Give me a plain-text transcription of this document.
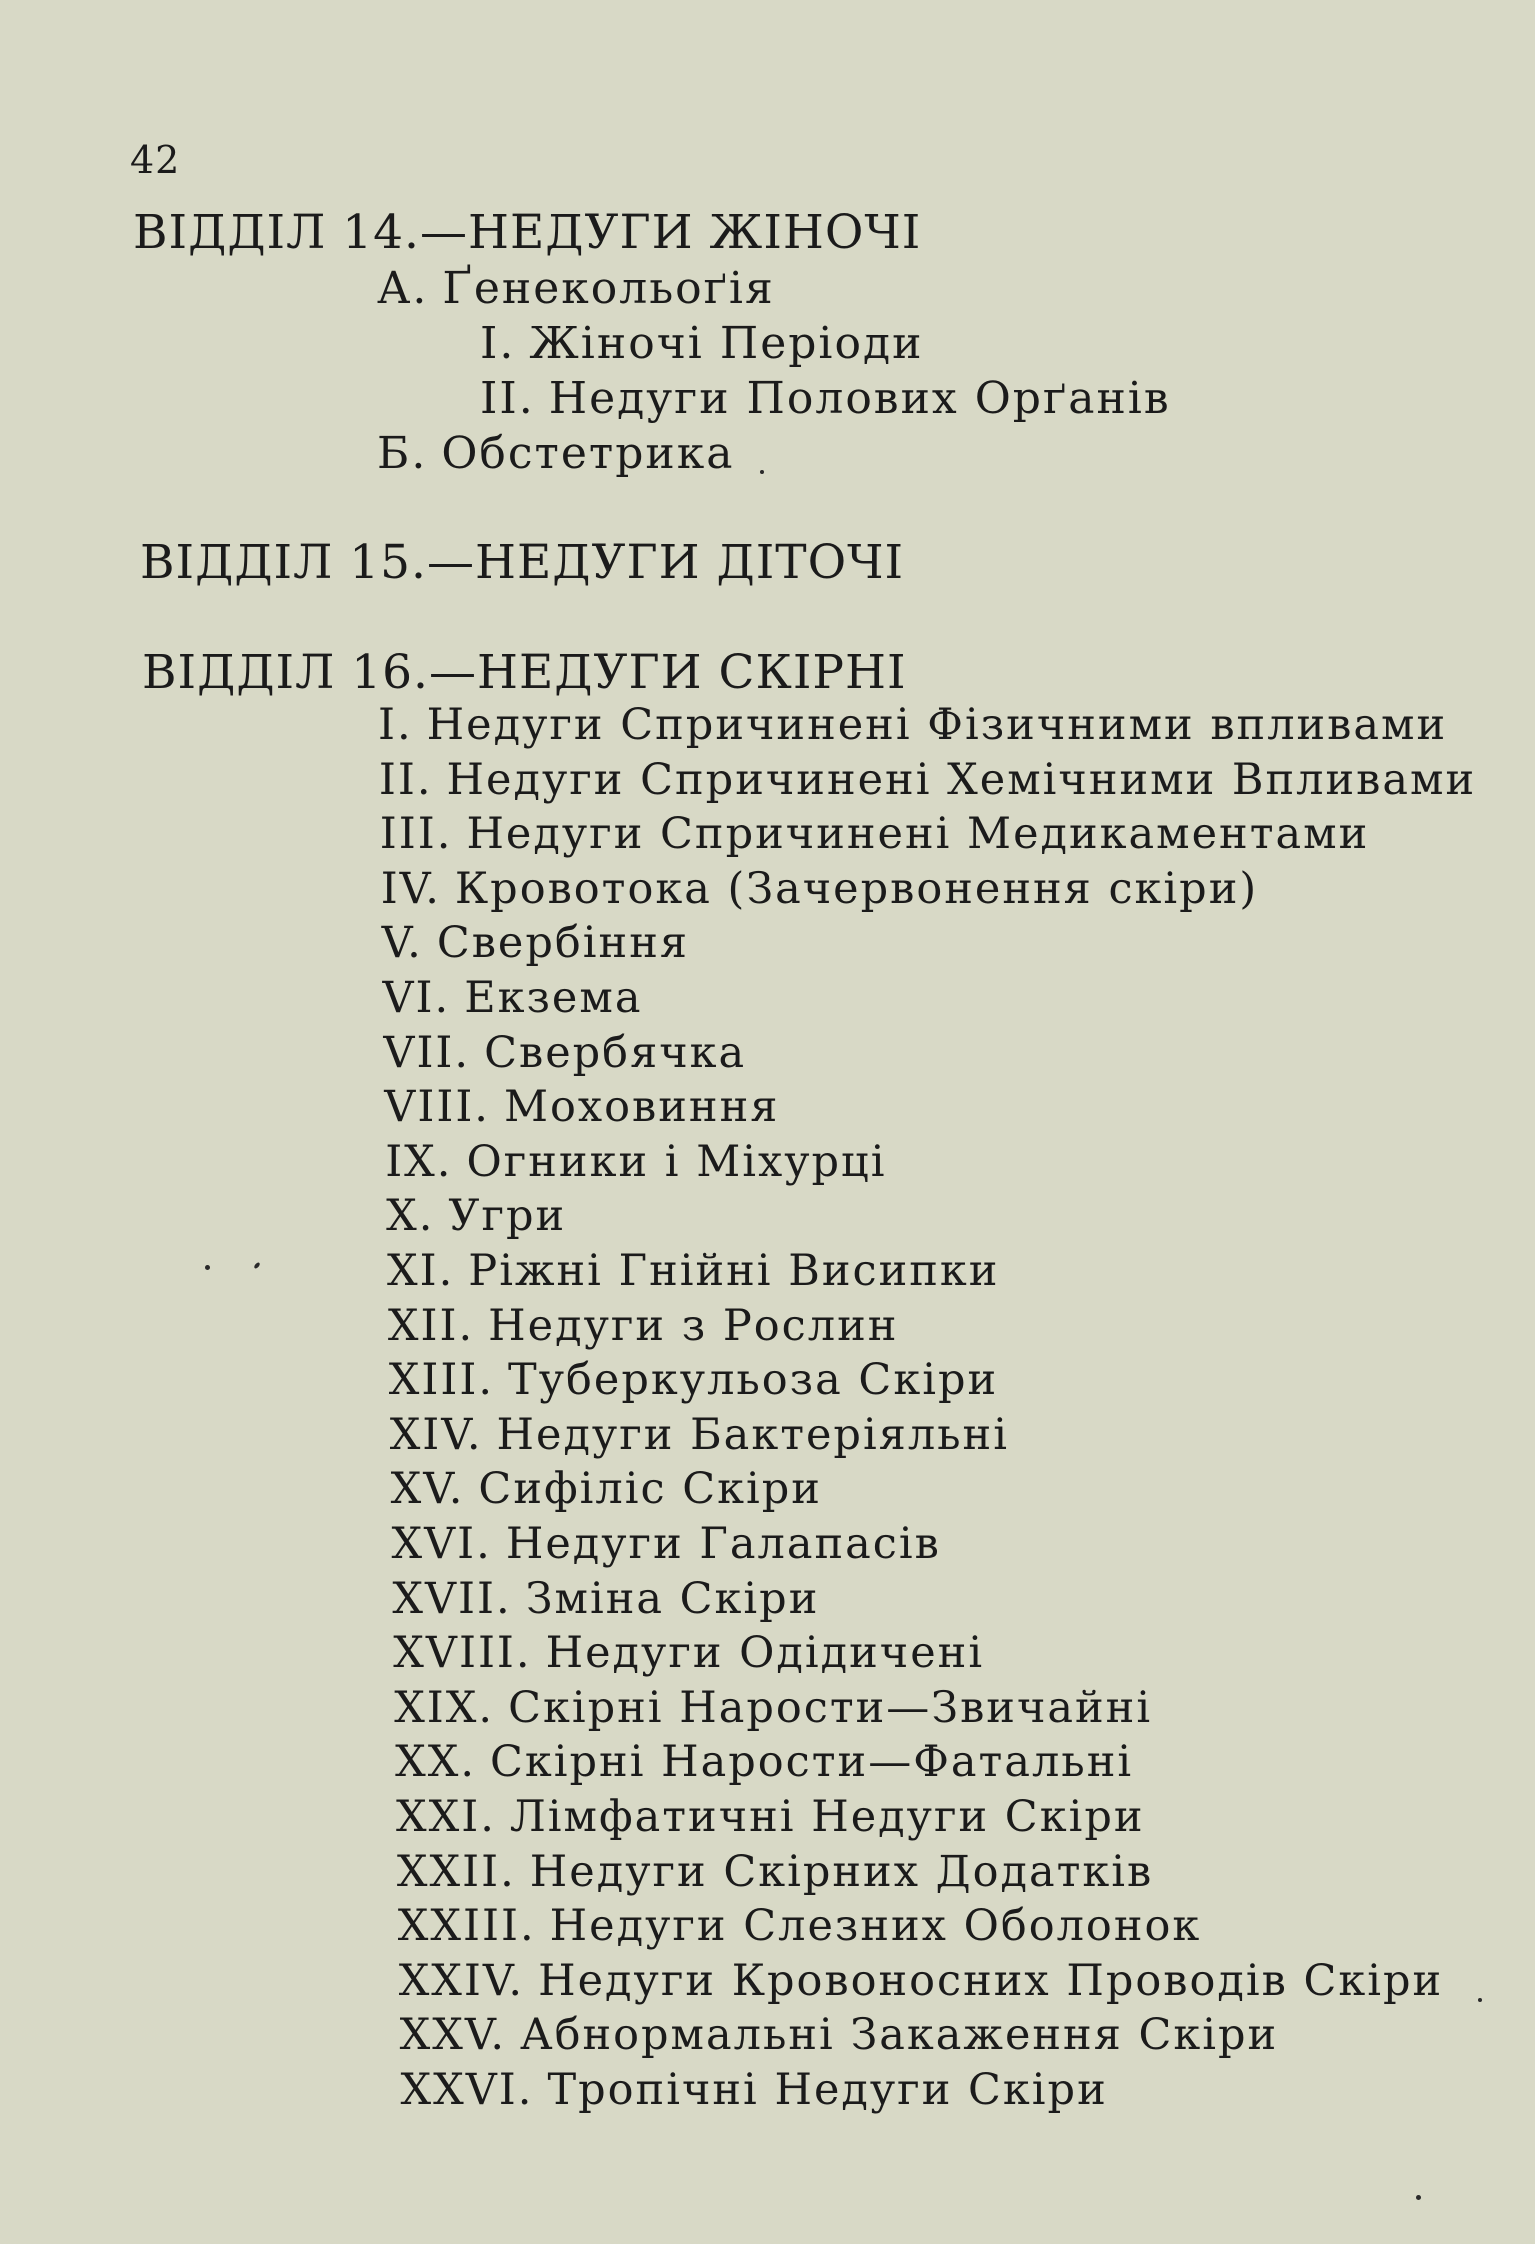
42
ВІДДІЛ 14.—НЕДУГИ ЖІНОЧІ
А. Ґенекольоґія
I. Жіночі Періоди
II. Недуги Полових Орґанів
Б. Обстетрика
ВІДДІЛ 15.—НЕДУГИ ДІТОЧІ
ВІДДІЛ 16.—НЕДУГИ СКІРНІ
I. Недуги Спричинені Фізичними впливами
II. Недуги Спричинені Хемічними Впливами
III. Недуги Спричинені Медикаментами
IV. Кровотока (Зачервонення скіри)
V. Свербіння
VI. Екзема
VII. Свербячка
VIII. Моховиння
IX. Огники і Міхурці
X. Угри
XI. Ріжні Гнійні Висипки
XII. Недуги з Рослин
XIII. Туберкульоза Скіри
XIV. Недуги Бактеріяльні
XV. Сифіліс Скіри
XVI. Недуги Галапасів
XVII. Зміна Скіри
XVIII. Недуги Одідичені
XIX. Скірні Нарости—Звичайні
XX. Скірні Нарости—Фатальні
XXI. Лімфатичні Недуги Скіри
XXII. Недуги Скірних Додатків
XXIII. Недуги Слезних Оболонок
XXIV. Недуги Кровоносних Проводів Скіри
XXV. Абнормальні Закаження Скіри
XXVI. Тропічні Недуги Скіри
